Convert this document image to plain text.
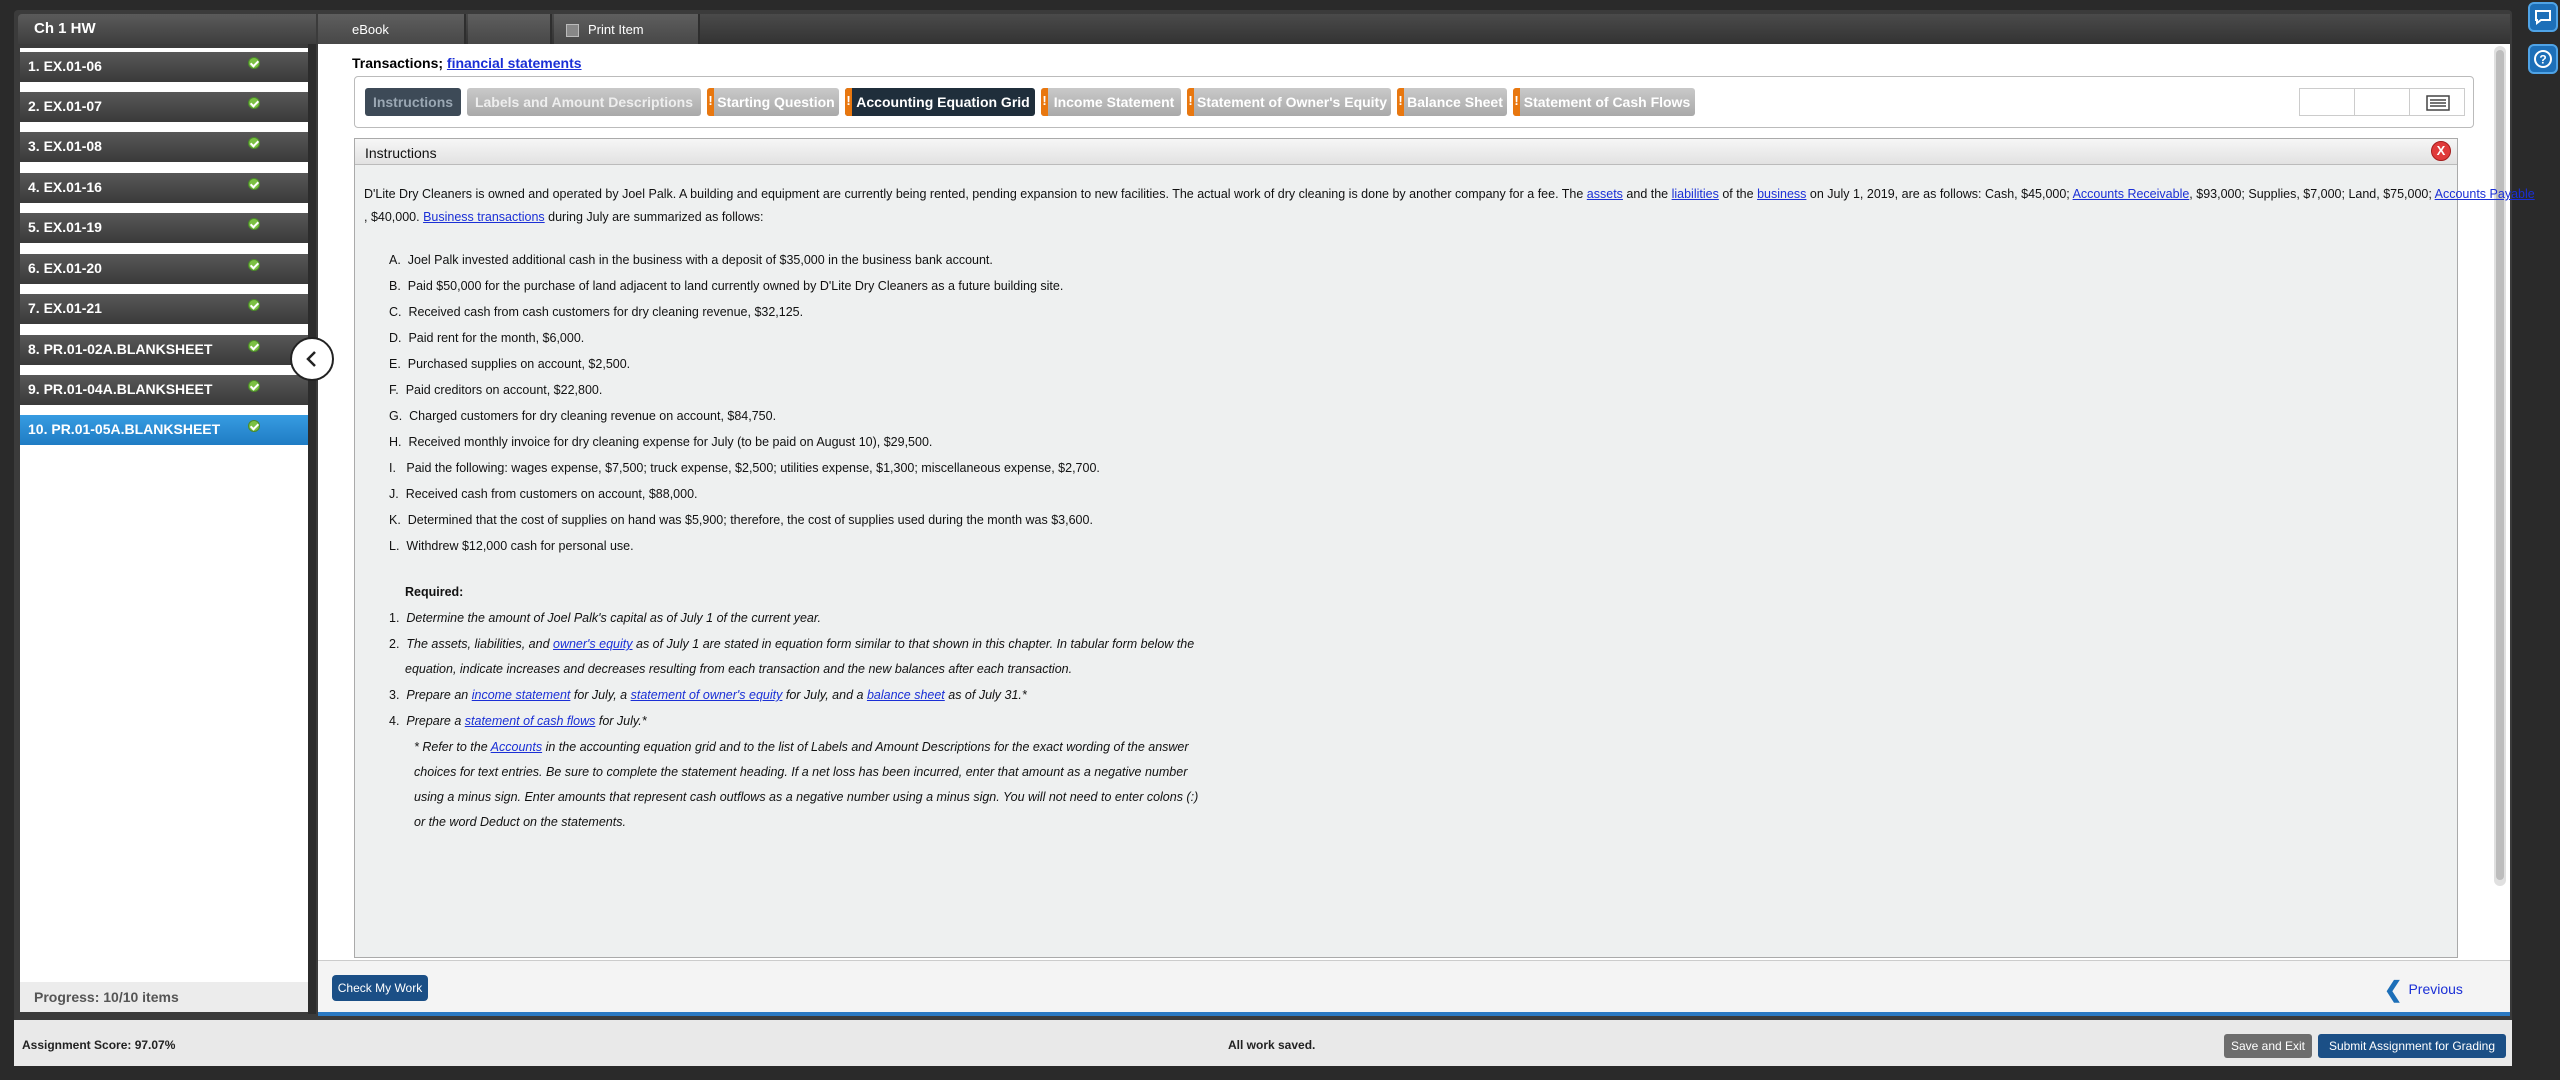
?
Ch 1 HW	eBook	Print Item
1. EX.01-06
2. EX.01-07
3. EX.01-08
4. EX.01-16
5. EX.01-19
6. EX.01-20
7. EX.01-21
8. PR.01-02A.BLANKSHEET
9. PR.01-04A.BLANKSHEET
10. PR.01-05A.BLANKSHEET
Progress: 10/10 items
Transactions; financial statements
Instructions	Labels and Amount Descriptions !	Starting Question !	Accounting Equation Grid !	Income Statement !	Statement of Owner's Equity !	Balance Sheet !	Statement of Cash Flows
Instructions	X
D'Lite Dry Cleaners is owned and operated by Joel Palk. A building and equipment are currently being rented, pending expansion to new facilities. The actual work of dry cleaning is done by another company for a fee. The assets and the liabilities of the business on July 1, 2019, are as follows: Cash, $45,000; Accounts Receivable, $93,000; Supplies, $7,000; Land, $75,000; Accounts Payable
, $40,000. Business transactions during July are summarized as follows:
A. Joel Palk invested additional cash in the business with a deposit of $35,000 in the business bank account.
B. Paid $50,000 for the purchase of land adjacent to land currently owned by D'Lite Dry Cleaners as a future building site.
C. Received cash from cash customers for dry cleaning revenue, $32,125.
D. Paid rent for the month, $6,000.
E. Purchased supplies on account, $2,500.
F. Paid creditors on account, $22,800.
G. Charged customers for dry cleaning revenue on account, $84,750.
H. Received monthly invoice for dry cleaning expense for July (to be paid on August 10), $29,500.
I. Paid the following: wages expense, $7,500; truck expense, $2,500; utilities expense, $1,300; miscellaneous expense, $2,700.
J. Received cash from customers on account, $88,000.
K. Determined that the cost of supplies on hand was $5,900; therefore, the cost of supplies used during the month was $3,600.
L. Withdrew $12,000 cash for personal use.
Required:
1. Determine the amount of Joel Palk's capital as of July 1 of the current year.
2. The assets, liabilities, and owner's equity as of July 1 are stated in equation form similar to that shown in this chapter. In tabular form below the
equation, indicate increases and decreases resulting from each transaction and the new balances after each transaction.
3. Prepare an income statement for July, a statement of owner's equity for July, and a balance sheet as of July 31.*
4. Prepare a statement of cash flows for July.*
* Refer to the Accounts in the accounting equation grid and to the list of Labels and Amount Descriptions for the exact wording of the answer
choices for text entries. Be sure to complete the statement heading. If a net loss has been incurred, enter that amount as a negative number
using a minus sign. Enter amounts that represent cash outflows as a negative number using a minus sign. You will not need to enter colons (:)
or the word Deduct on the statements.
Check My Work	❮ Previous
Assignment Score: 97.07%	All work saved.	Save and Exit	Submit Assignment for Grading
